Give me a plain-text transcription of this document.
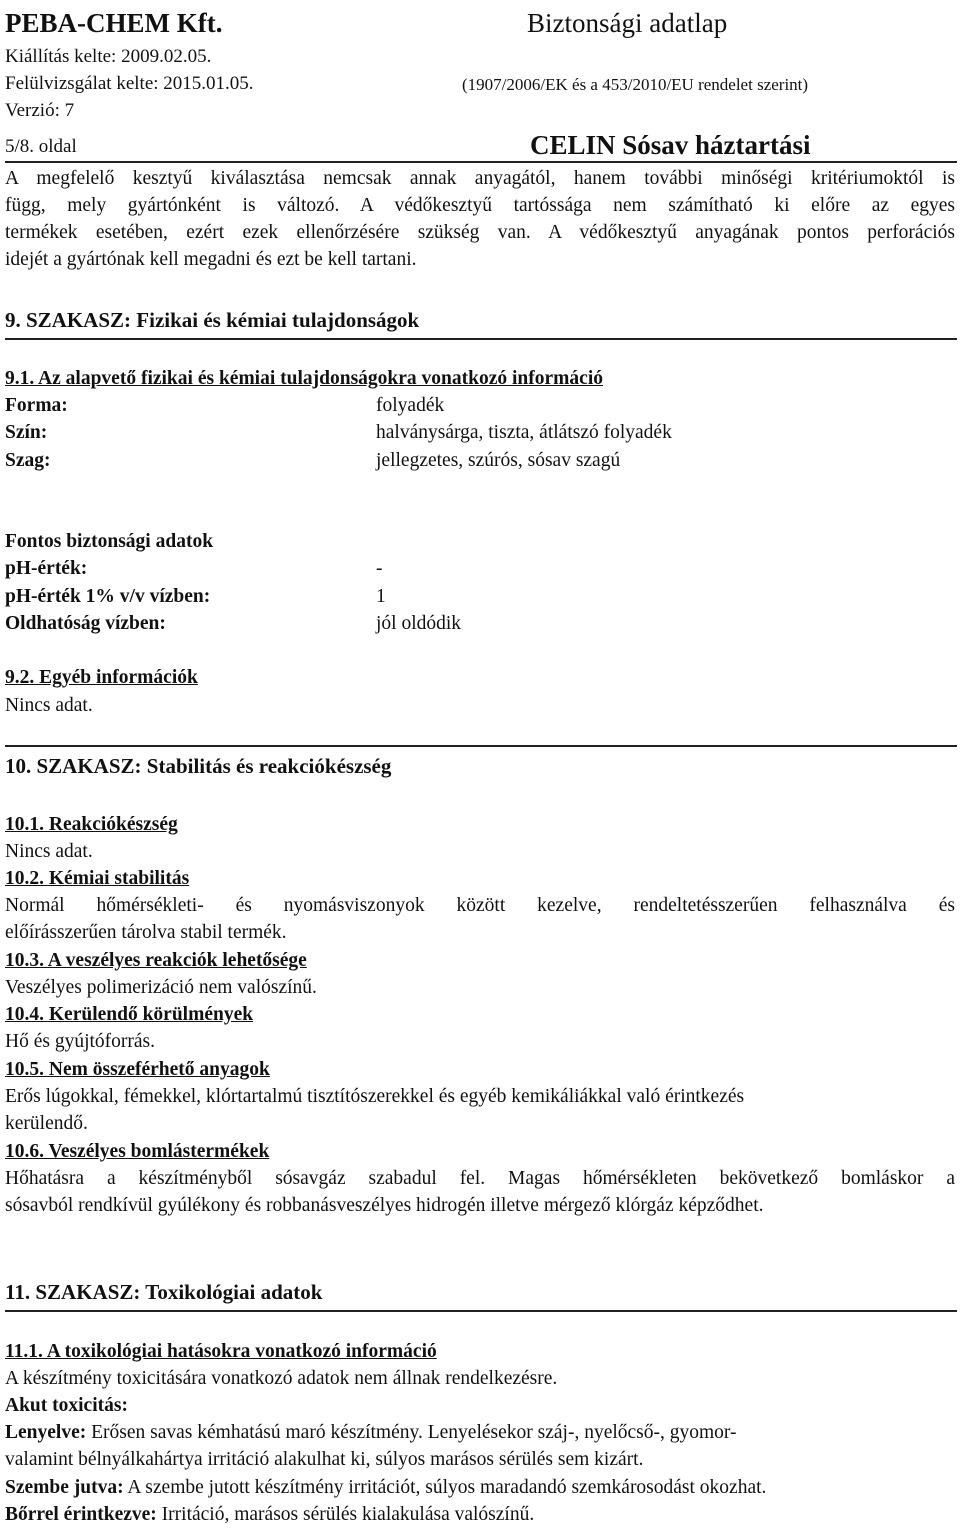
PEBA-CHEM Kft.	Biztonsági adatlap
Kiállítás kelte: 2009.02.05.
Felülvizsgálat kelte: 2015.01.05.	(1907/2006/EK és a 453/2010/EU rendelet szerint)
Verzió: 7
5/8. oldal	CELIN Sósav háztartási
A megfelelő kesztyű kiválasztása nemcsak annak anyagától, hanem további minőségi kritériumoktól is
függ, mely gyártónként is változó. A védőkesztyű tartóssága nem számítható ki előre az egyes
termékek esetében, ezért ezek ellenőrzésére szükség van. A védőkesztyű anyagának pontos perforációs
idejét a gyártónak kell megadni és ezt be kell tartani.
9. SZAKASZ: Fizikai és kémiai tulajdonságok
9.1. Az alapvető fizikai és kémiai tulajdonságokra vonatkozó információ
Forma:	folyadék
Szín:	halványsárga, tiszta, átlátszó folyadék
Szag:	jellegzetes, szúrós, sósav szagú
Fontos biztonsági adatok
pH-érték:	-
pH-érték 1% v/v vízben:	1
Oldhatóság vízben:	jól oldódik
9.2. Egyéb információk
Nincs adat.
10. SZAKASZ: Stabilitás és reakciókészség
10.1. Reakciókészség
Nincs adat.
10.2. Kémiai stabilitás
Normál hőmérsékleti- és nyomásviszonyok között kezelve, rendeltetésszerűen felhasználva és
előírásszerűen tárolva stabil termék.
10.3. A veszélyes reakciók lehetősége
Veszélyes polimerizáció nem valószínű.
10.4. Kerülendő körülmények
Hő és gyújtóforrás.
10.5. Nem összeférhető anyagok
Erős lúgokkal, fémekkel, klórtartalmú tisztítószerekkel és egyéb kemikáliákkal való érintkezés
kerülendő.
10.6. Veszélyes bomlástermékek
Hőhatásra a készítményből sósavgáz szabadul fel. Magas hőmérsékleten bekövetkező bomláskor a
sósavból rendkívül gyúlékony és robbanásveszélyes hidrogén illetve mérgező klórgáz képződhet.
11. SZAKASZ: Toxikológiai adatok
11.1. A toxikológiai hatásokra vonatkozó információ
A készítmény toxicitására vonatkozó adatok nem állnak rendelkezésre.
Akut toxicitás:
Lenyelve: Erősen savas kémhatású maró készítmény. Lenyelésekor száj-, nyelőcső-, gyomor-
valamint bélnyálkahártya irritáció alakulhat ki, súlyos marásos sérülés sem kizárt.
Szembe jutva: A szembe jutott készítmény irritációt, súlyos maradandó szemkárosodást okozhat.
Bőrrel érintkezve: Irritáció, marásos sérülés kialakulása valószínű.
